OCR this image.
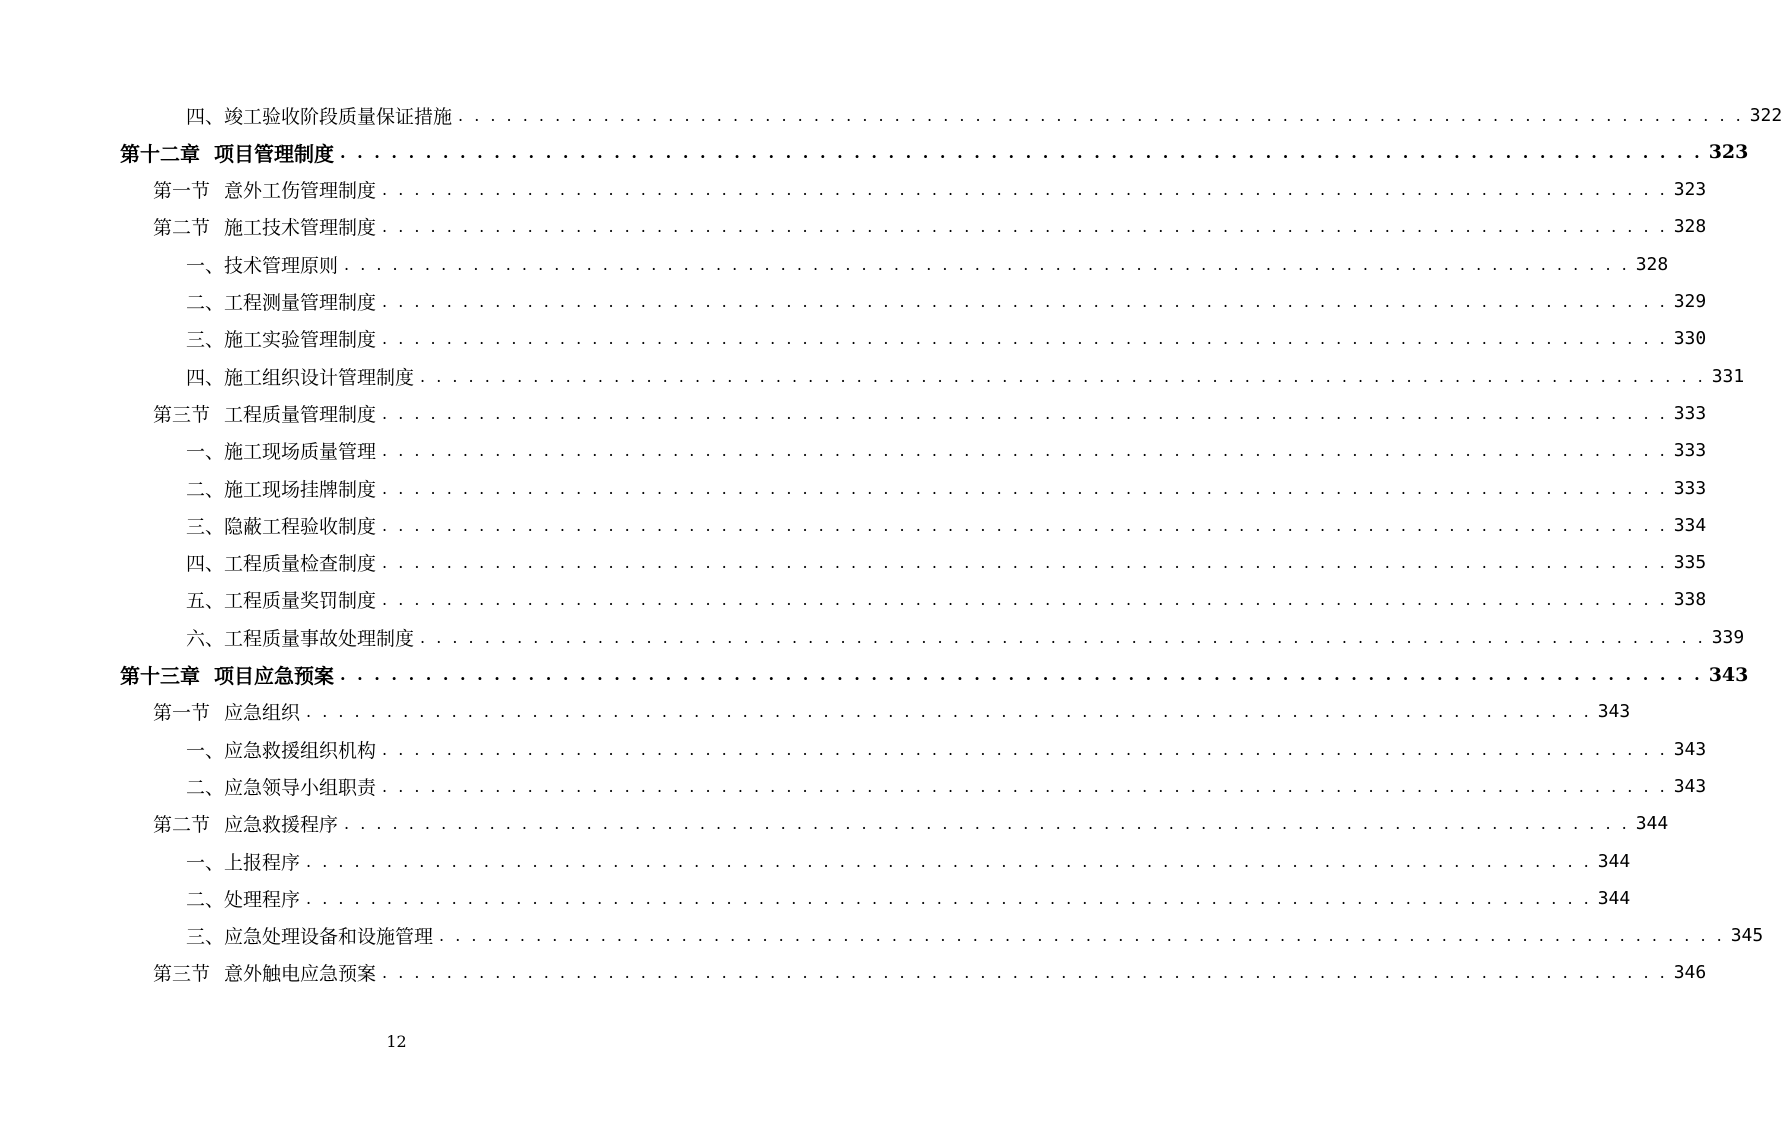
四、 竣工验收阶段质量保证措施 . . . . . . . . . . . . . . . . . . . . . . . . . . . . . . . . . . . . . . . . . . . . . . . . . . . . . . . . . . . . . . . . . . . . . . . . . . . . . . . . 322
第十二章 项目管理制度 . . . . . . . . . . . . . . . . . . . . . . . . . . . . . . . . . . . . . . . . . . . . . . . . . . . . . . . . . . . . . . . . . . . . . . . . . . . . . . . . 323
第一节 意外工伤管理制度 . . . . . . . . . . . . . . . . . . . . . . . . . . . . . . . . . . . . . . . . . . . . . . . . . . . . . . . . . . . . . . . . . . . . . . . . . . . . . . . . 323
第二节 施工技术管理制度 . . . . . . . . . . . . . . . . . . . . . . . . . . . . . . . . . . . . . . . . . . . . . . . . . . . . . . . . . . . . . . . . . . . . . . . . . . . . . . . . 328
一、 技术管理原则 . . . . . . . . . . . . . . . . . . . . . . . . . . . . . . . . . . . . . . . . . . . . . . . . . . . . . . . . . . . . . . . . . . . . . . . . . . . . . . . . 328
二、 工程测量管理制度 . . . . . . . . . . . . . . . . . . . . . . . . . . . . . . . . . . . . . . . . . . . . . . . . . . . . . . . . . . . . . . . . . . . . . . . . . . . . . . . . 329
三、 施工实验管理制度 . . . . . . . . . . . . . . . . . . . . . . . . . . . . . . . . . . . . . . . . . . . . . . . . . . . . . . . . . . . . . . . . . . . . . . . . . . . . . . . . 330
四、 施工组织设计管理制度 . . . . . . . . . . . . . . . . . . . . . . . . . . . . . . . . . . . . . . . . . . . . . . . . . . . . . . . . . . . . . . . . . . . . . . . . . . . . . . . . 331
第三节 工程质量管理制度 . . . . . . . . . . . . . . . . . . . . . . . . . . . . . . . . . . . . . . . . . . . . . . . . . . . . . . . . . . . . . . . . . . . . . . . . . . . . . . . . 333
一、 施工现场质量管理 . . . . . . . . . . . . . . . . . . . . . . . . . . . . . . . . . . . . . . . . . . . . . . . . . . . . . . . . . . . . . . . . . . . . . . . . . . . . . . . . 333
二、 施工现场挂牌制度 . . . . . . . . . . . . . . . . . . . . . . . . . . . . . . . . . . . . . . . . . . . . . . . . . . . . . . . . . . . . . . . . . . . . . . . . . . . . . . . . 333
三、 隐蔽工程验收制度 . . . . . . . . . . . . . . . . . . . . . . . . . . . . . . . . . . . . . . . . . . . . . . . . . . . . . . . . . . . . . . . . . . . . . . . . . . . . . . . . 334
四、 工程质量检查制度 . . . . . . . . . . . . . . . . . . . . . . . . . . . . . . . . . . . . . . . . . . . . . . . . . . . . . . . . . . . . . . . . . . . . . . . . . . . . . . . . 335
五、 工程质量奖罚制度 . . . . . . . . . . . . . . . . . . . . . . . . . . . . . . . . . . . . . . . . . . . . . . . . . . . . . . . . . . . . . . . . . . . . . . . . . . . . . . . . 338
六、 工程质量事故处理制度 . . . . . . . . . . . . . . . . . . . . . . . . . . . . . . . . . . . . . . . . . . . . . . . . . . . . . . . . . . . . . . . . . . . . . . . . . . . . . . . . 339
第十三章 项目应急预案 . . . . . . . . . . . . . . . . . . . . . . . . . . . . . . . . . . . . . . . . . . . . . . . . . . . . . . . . . . . . . . . . . . . . . . . . . . . . . . . . 343
第一节 应急组织 . . . . . . . . . . . . . . . . . . . . . . . . . . . . . . . . . . . . . . . . . . . . . . . . . . . . . . . . . . . . . . . . . . . . . . . . . . . . . . . . 343
一、 应急救援组织机构 . . . . . . . . . . . . . . . . . . . . . . . . . . . . . . . . . . . . . . . . . . . . . . . . . . . . . . . . . . . . . . . . . . . . . . . . . . . . . . . . 343
二、 应急领导小组职责 . . . . . . . . . . . . . . . . . . . . . . . . . . . . . . . . . . . . . . . . . . . . . . . . . . . . . . . . . . . . . . . . . . . . . . . . . . . . . . . . 343
第二节 应急救援程序 . . . . . . . . . . . . . . . . . . . . . . . . . . . . . . . . . . . . . . . . . . . . . . . . . . . . . . . . . . . . . . . . . . . . . . . . . . . . . . . . 344
一、 上报程序 . . . . . . . . . . . . . . . . . . . . . . . . . . . . . . . . . . . . . . . . . . . . . . . . . . . . . . . . . . . . . . . . . . . . . . . . . . . . . . . . 344
二、 处理程序 . . . . . . . . . . . . . . . . . . . . . . . . . . . . . . . . . . . . . . . . . . . . . . . . . . . . . . . . . . . . . . . . . . . . . . . . . . . . . . . . 344
三、 应急处理设备和设施管理 . . . . . . . . . . . . . . . . . . . . . . . . . . . . . . . . . . . . . . . . . . . . . . . . . . . . . . . . . . . . . . . . . . . . . . . . . . . . . . . . 345
第三节 意外触电应急预案 . . . . . . . . . . . . . . . . . . . . . . . . . . . . . . . . . . . . . . . . . . . . . . . . . . . . . . . . . . . . . . . . . . . . . . . . . . . . . . . . 346
12
